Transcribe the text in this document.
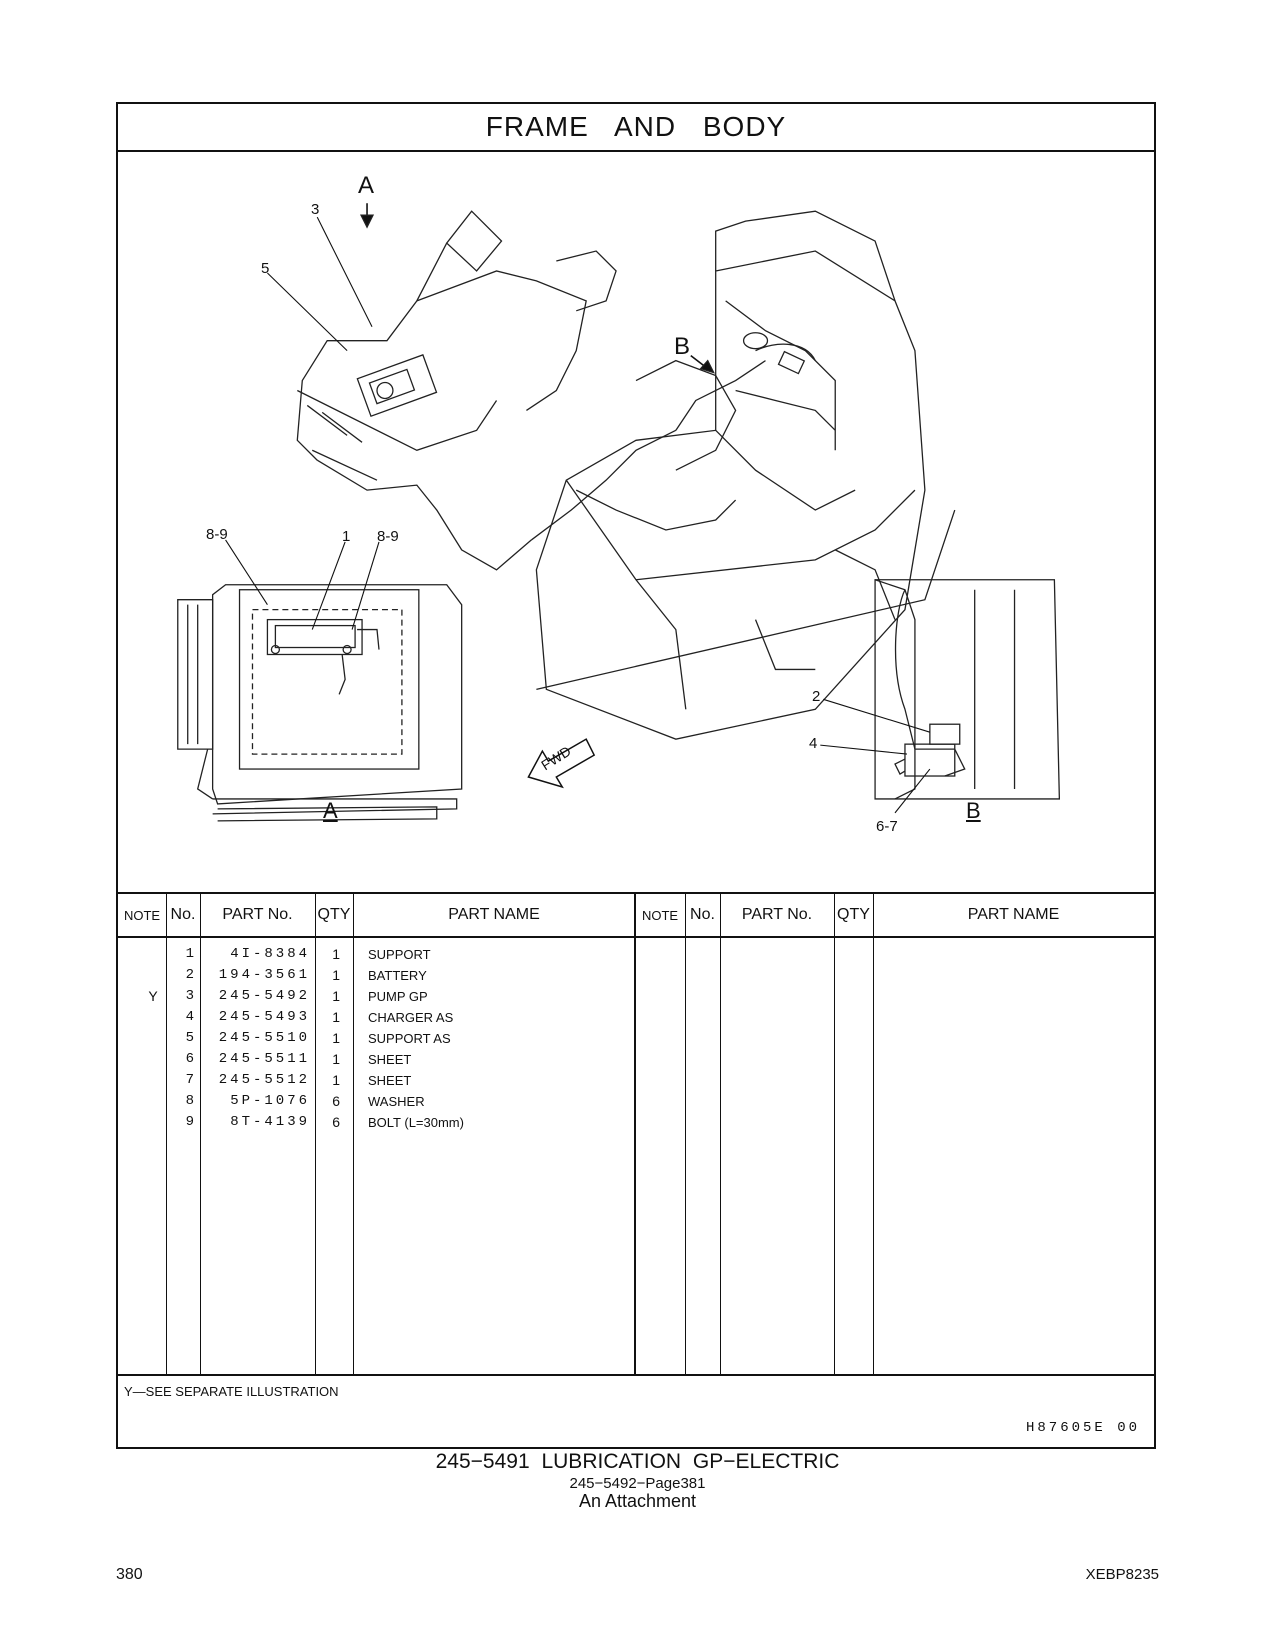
FRAME AND BODY
A
B
3
5
8-9	1 8-9
2
4
6-7
A	B
FWD
NOTE No.	PART No.	QTY	PART NAME	NOTE No.	PART No.	QTY	PART NAME
1	4I-8384	1 SUPPORT
2	194-3561	1 BATTERY
Y	3	245-5492	1 PUMP GP
4	245-5493	1 CHARGER AS
5	245-5510	1 SUPPORT AS
6	245-5511	1 SHEET
7	245-5512	1 SHEET
8	5P-1076	6 WASHER
9	8T-4139	6 BOLT (L=30mm)
Y—SEE SEPARATE ILLUSTRATION
H87605E 00
245−5491 LUBRICATION GP−ELECTRIC
245−5492−Page381
An Attachment
380	XEBP8235
